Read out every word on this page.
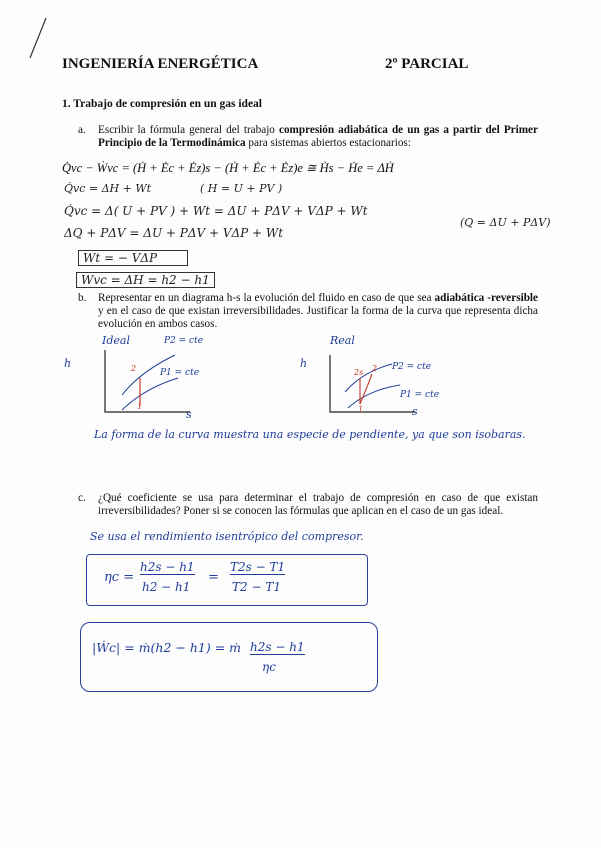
INGENIERÍA ENERGÉTICA	2º PARCIAL
1. Trabajo de compresión en un gas ideal
a. Escribir la fórmula general del trabajo compresión adiabática de un gas a partir del Primer Principio de la Termodinámica para sistemas abiertos estacionarios:
Q̇vc − Ẇvc = (Ḣ + Ėc + Ėz)s − (Ḣ + Ėc + Ėz)e ≅ Ḣs − Ḣe = ΔḢ
Q̇vc = ΔH + Wt	( H = U + PV )
Q̇vc = Δ( U + PV ) + Wt = ΔU + PΔV + VΔP + Wt
(Q = ΔU + PΔV)
ΔQ + PΔV = ΔU + PΔV + VΔP + Wt
Wt = − VΔP
Wvc = ΔH = h2 − h1
b. Representar en un diagrama h-s la evolución del fluido en caso de que sea adiabática -reversible y en el caso de que existan irreversibilidades. Justificar la forma de la curva que representa dicha evolución en ambos casos.
Ideal
h
s
P2 = cte
P1 = cte
2
1
Real
h
s
P2 = cte
P1 = cte
2s 2
1
La forma de la curva muestra una especie de pendiente, ya que son isobaras.
c. ¿Qué coeficiente se usa para determinar el trabajo de compresión en caso de que existan irreversibilidades? Poner si se conocen las fórmulas que aplican en el caso de un gas ideal.
Se usa el rendimiento isentrópico del compresor.
ηc =
h2s − h1
h2 − h1
=
T2s − T1
T2 − T1
|Ẇc| = ṁ(h2 − h1) = ṁ h2s − h1
ηc
